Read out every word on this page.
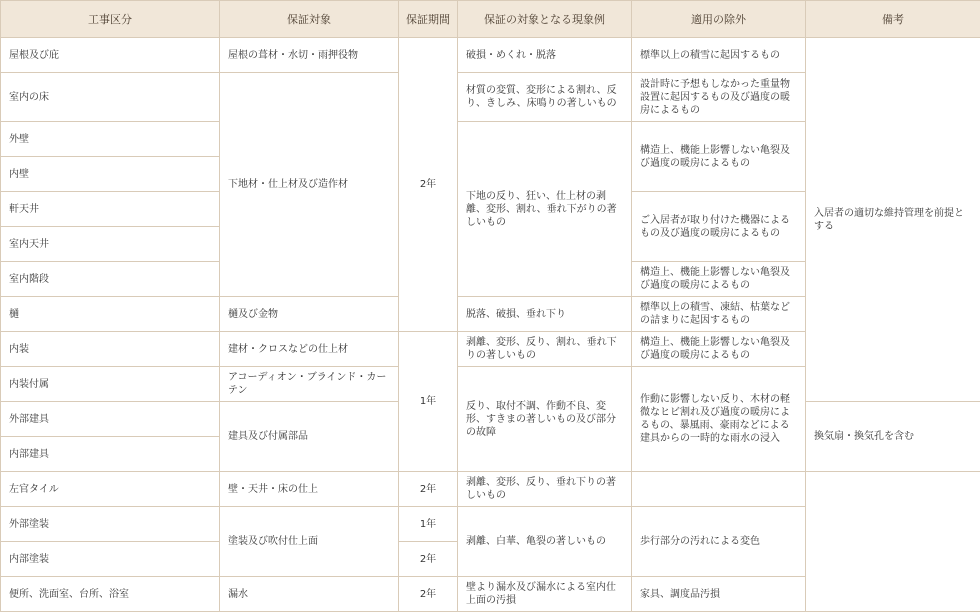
工事区分	保証対象	保証期間	保証の対象となる現象例	適用の除外	備考
屋根及び庇	屋根の葺材・水切・雨押役物	2年	破損・めくれ・脱落	標準以上の積雪に起因するもの	入居者の適切な維持管理を前提とする
室内の床	下地材・仕上材及び造作材		材質の変質、変形による割れ、反り、きしみ、床鳴りの著しいもの	設計時に予想もしなかった重量物設置に起因するもの及び過度の暖房によるもの	
外壁			下地の反り、狂い、仕上材の剥離、変形、割れ、垂れ下がりの著しいもの	構造上、機能上影響しない亀裂及び過度の暖房によるもの	
内壁					
軒天井				ご入居者が取り付けた機器によるもの及び過度の暖房によるもの	
室内天井					
室内階段				構造上、機能上影響しない亀裂及び過度の暖房によるもの	
樋	樋及び金物		脱落、破損、垂れ下り	標準以上の積雪、凍結、枯葉などの詰まりに起因するもの	
内装	建材・クロスなどの仕上材	1年	剥離、変形、反り、割れ、垂れ下りの著しいもの	構造上、機能上影響しない亀裂及び過度の暖房によるもの	
内装付属	アコーディオン・ブラインド・カーテン		反り、取付不調、作動不良、変形、すきまの著しいもの及び部分の故障	作動に影響しない反り、木材の軽微なヒビ割れ及び過度の暖房によるもの、暴風雨、豪雨などによる建具からの一時的な雨水の浸入	
外部建具	建具及び付属部品				換気扇・換気孔を含む
内部建具					
左官タイル	壁・天井・床の仕上	2年	剥離、変形、反り、垂れ下りの著しいもの		
外部塗装	塗装及び吹付仕上面	1年	剥離、白華、亀裂の著しいもの	歩行部分の汚れによる変色	
内部塗装		2年			
便所、洗面室、台所、浴室	漏水	2年	壁より漏水及び漏水による室内仕上面の汚損	家具、調度品汚損	
